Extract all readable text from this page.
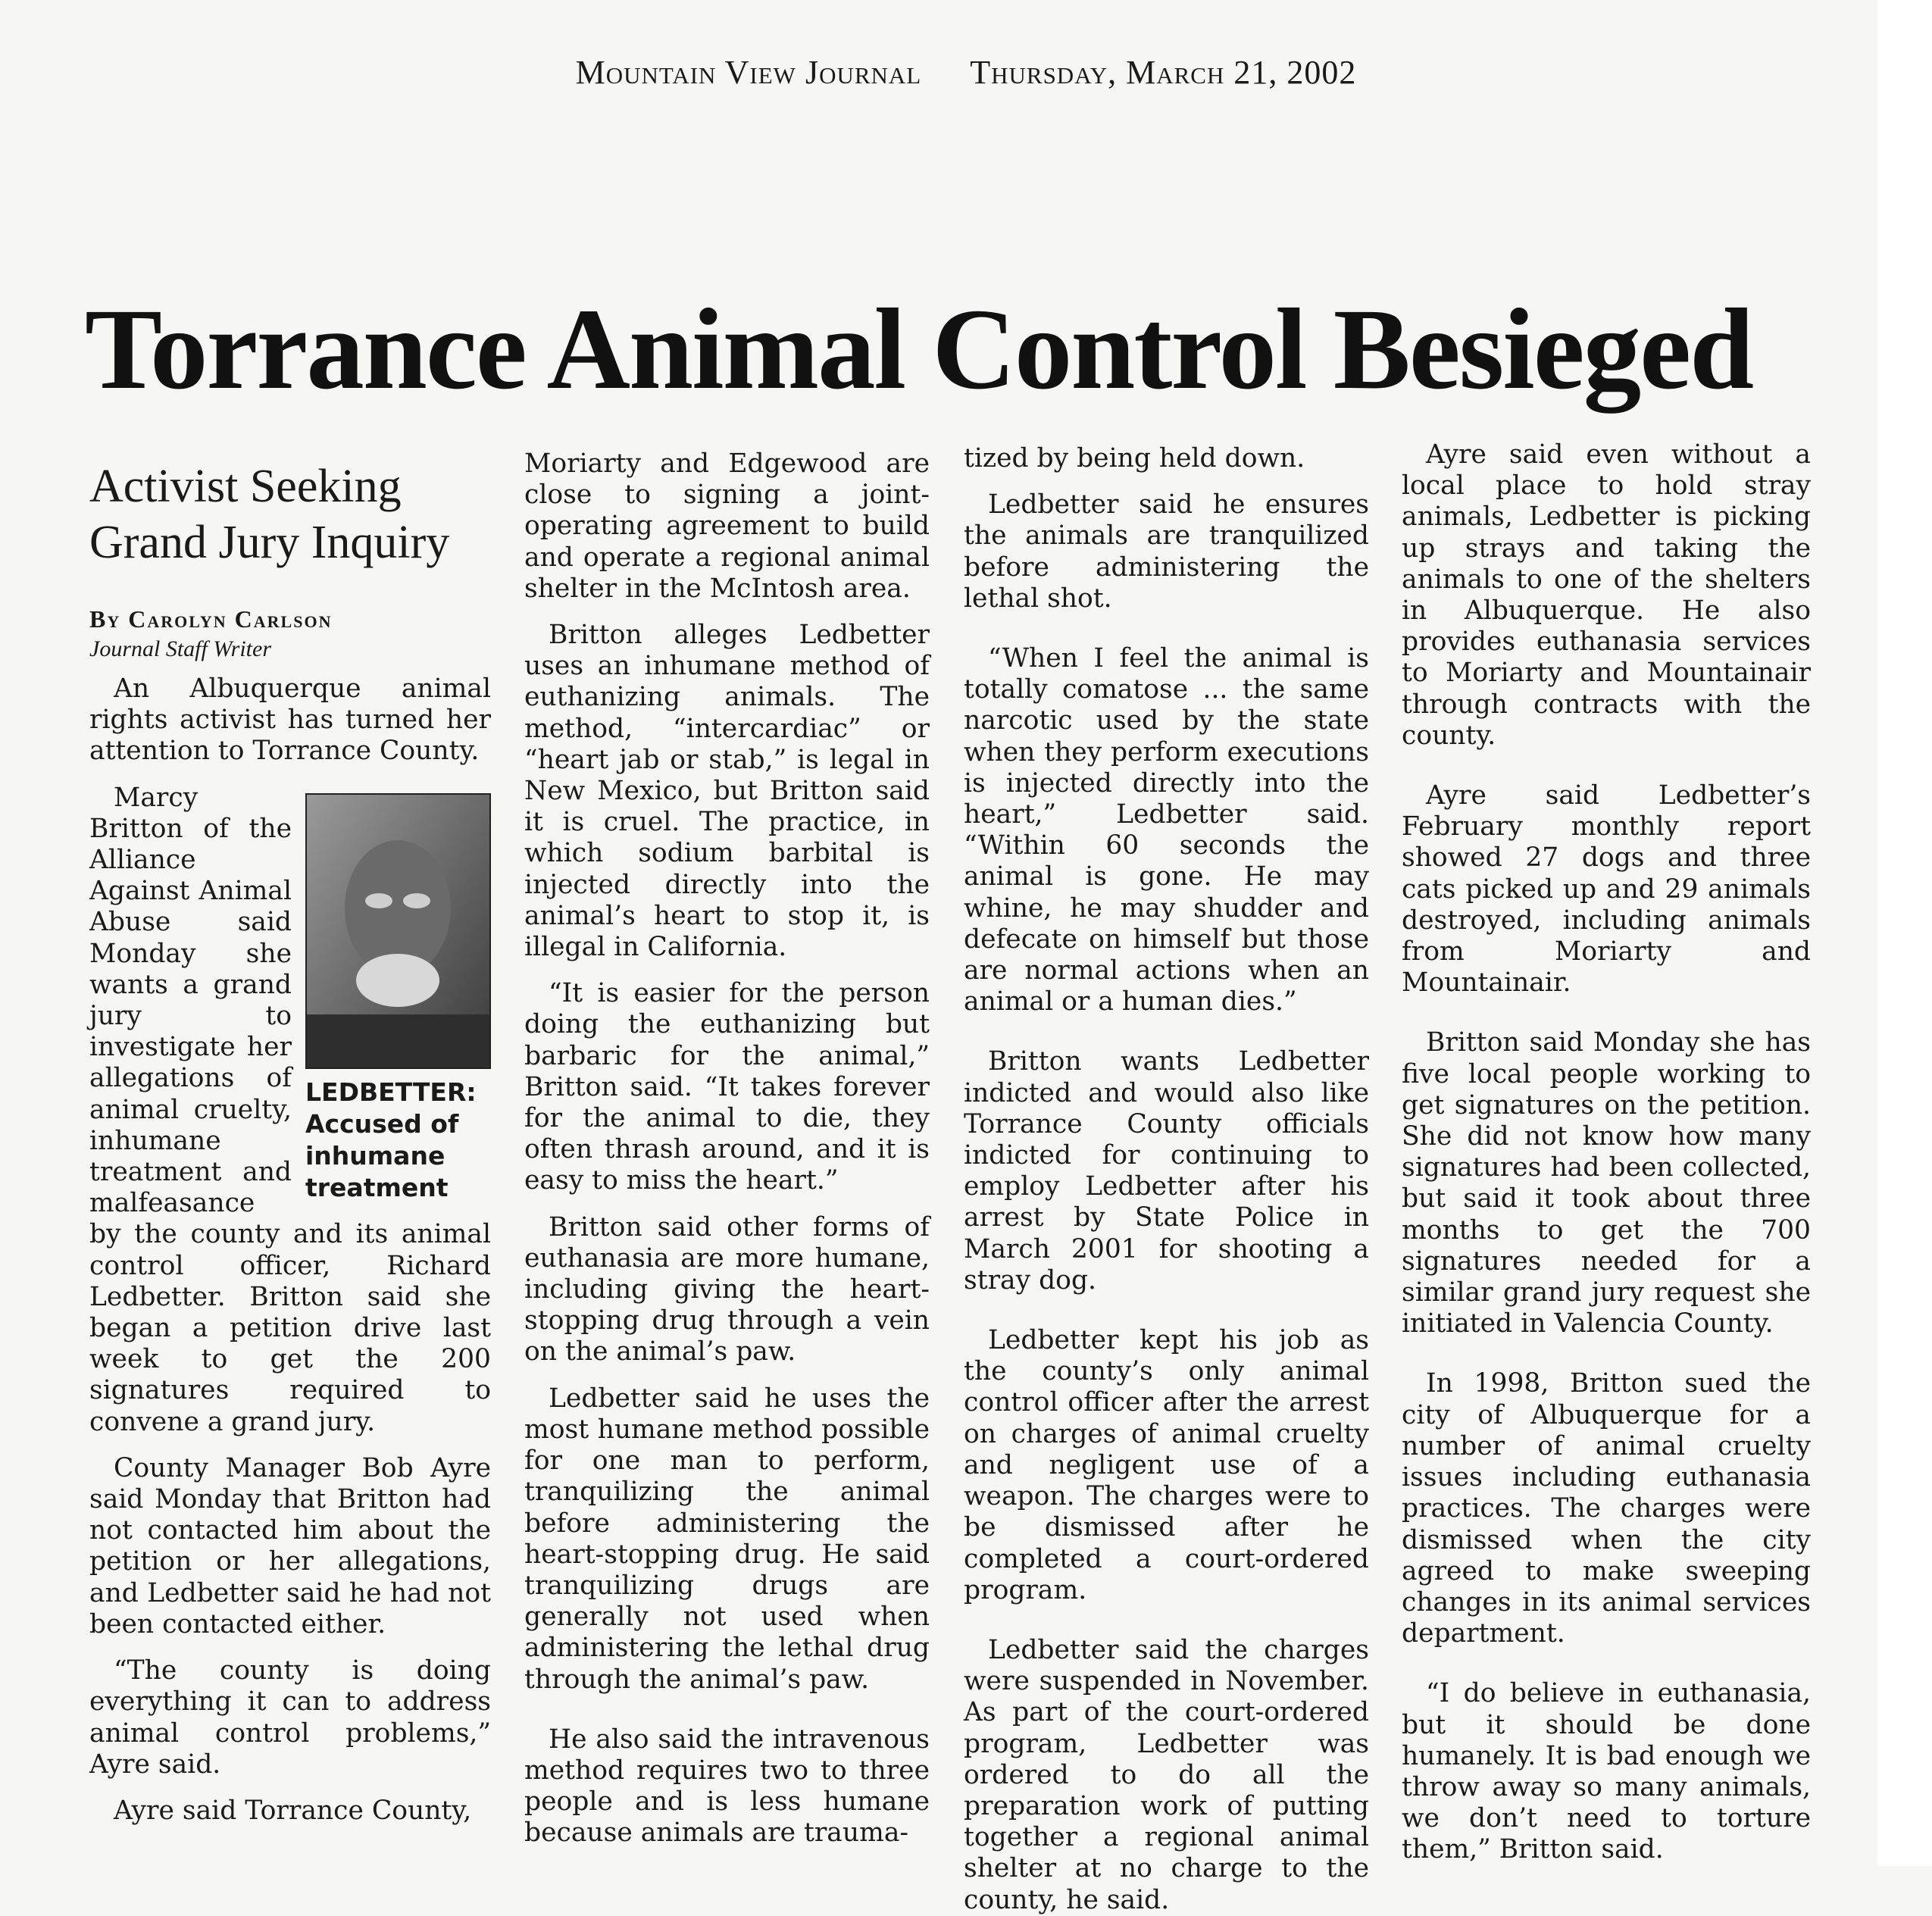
Mountain View Journal Thursday, March 21, 2002
Torrance Animal Control Besieged
Activist Seeking
Grand Jury Inquiry
By Carolyn Carlson
Journal Staff Writer

An Albuquerque animal rights activist has turned her attention to Torrance County.

LEDBETTER:
Accused of inhumane treatment

Marcy Britton of the Alliance Against Animal Abuse said Monday she wants a grand jury to investigate her allegations of animal cruelty, inhumane treatment and malfeasance by the county and its animal control officer, Richard Ledbetter. Britton said she began a petition drive last week to get the 200 signatures required to convene a grand jury.

County Manager Bob Ayre said Monday that Britton had not contacted him about the petition or her allegations, and Ledbetter said he had not been contacted either.

“The county is doing everything it can to address animal control problems,” Ayre said.

Ayre said Torrance County,

Moriarty and Edgewood are close to signing a joint-operating agreement to build and operate a regional animal shelter in the McIntosh area.

Britton alleges Ledbetter uses an inhumane method of euthanizing animals. The method, “intercardiac” or “heart jab or stab,” is legal in New Mexico, but Britton said it is cruel. The practice, in which sodium barbital is injected directly into the animal’s heart to stop it, is illegal in California.

“It is easier for the person doing the euthanizing but barbaric for the animal,” Britton said. “It takes forever for the animal to die, they often thrash around, and it is easy to miss the heart.”

Britton said other forms of euthanasia are more humane, including giving the heart-stopping drug through a vein on the animal’s paw.

Ledbetter said he uses the most humane method possible for one man to perform, tranquilizing the animal before administering the heart-stopping drug. He said tranquilizing drugs are generally not used when administering the lethal drug through the animal’s paw.

He also said the intravenous method requires two to three people and is less humane because animals are trauma-

tized by being held down.

Ledbetter said he ensures the animals are tranquilized before administering the lethal shot.

“When I feel the animal is totally comatose ... the same narcotic used by the state when they perform executions is injected directly into the heart,” Ledbetter said. “Within 60 seconds the animal is gone. He may whine, he may shudder and defecate on himself but those are normal actions when an animal or a human dies.”

Britton wants Ledbetter indicted and would also like Torrance County officials indicted for continuing to employ Ledbetter after his arrest by State Police in March 2001 for shooting a stray dog.

Ledbetter kept his job as the county’s only animal control officer after the arrest on charges of animal cruelty and negligent use of a weapon. The charges were to be dismissed after he completed a court-ordered program.

Ledbetter said the charges were suspended in November. As part of the court-ordered program, Ledbetter was ordered to do all the preparation work of putting together a regional animal shelter at no charge to the county, he said.

Ayre said even without a local place to hold stray animals, Ledbetter is picking up strays and taking the animals to one of the shelters in Albuquerque. He also provides euthanasia services to Moriarty and Mountainair through contracts with the county.

Ayre said Ledbetter’s February monthly report showed 27 dogs and three cats picked up and 29 animals destroyed, including animals from Moriarty and Mountainair.

Britton said Monday she has five local people working to get signatures on the petition. She did not know how many signatures had been collected, but said it took about three months to get the 700 signatures needed for a similar grand jury request she initiated in Valencia County.

In 1998, Britton sued the city of Albuquerque for a number of animal cruelty issues including euthanasia practices. The charges were dismissed when the city agreed to make sweeping changes in its animal services department.

“I do believe in euthanasia, but it should be done humanely. It is bad enough we throw away so many animals, we don’t need to torture them,” Britton said.
